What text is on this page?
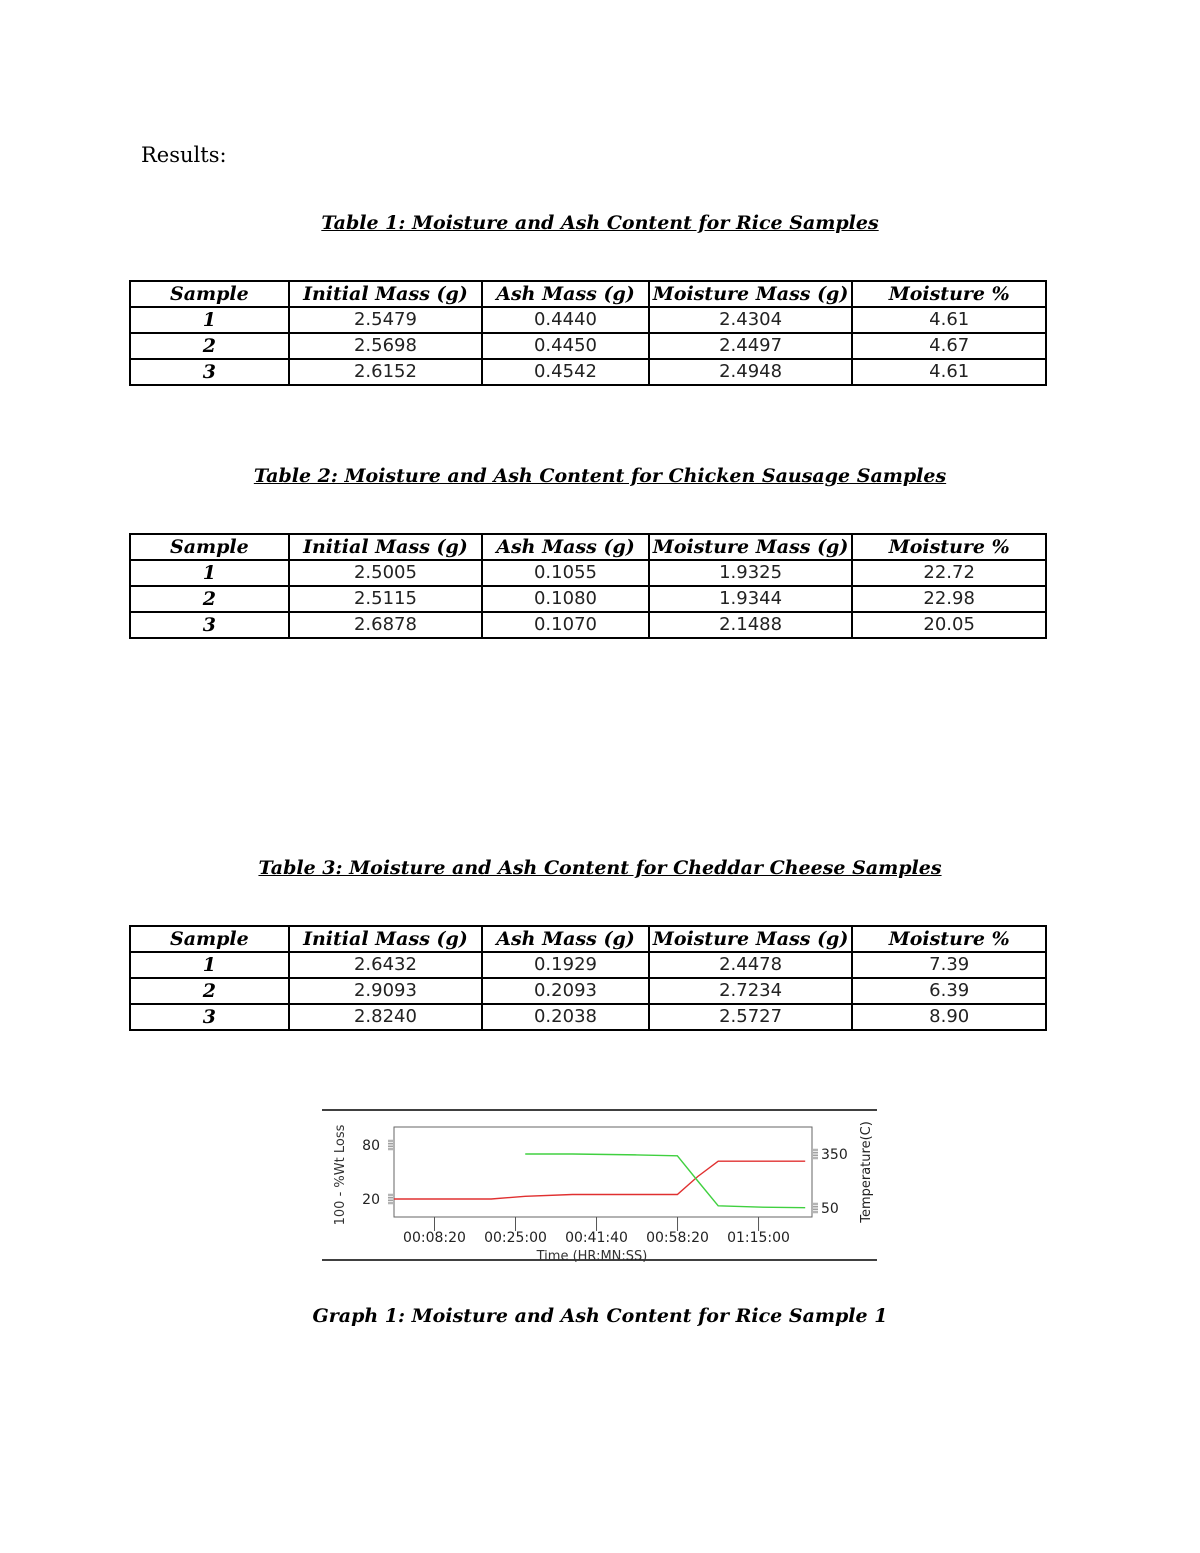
Results:
Table 1: Moisture and Ash Content for Rice Samples
Sample	Initial Mass (g)	Ash Mass (g)	Moisture Mass (g)	Moisture %
1	2.5479	0.4440	2.4304	4.61
2	2.5698	0.4450	2.4497	4.67
3	2.6152	0.4542	2.4948	4.61
Table 2: Moisture and Ash Content for Chicken Sausage Samples
Sample	Initial Mass (g)	Ash Mass (g)	Moisture Mass (g)	Moisture %
1	2.5005	0.1055	1.9325	22.72
2	2.5115	0.1080	1.9344	22.98
3	2.6878	0.1070	2.1488	20.05
Table 3: Moisture and Ash Content for Cheddar Cheese Samples
Sample	Initial Mass (g)	Ash Mass (g)	Moisture Mass (g)	Moisture %
1	2.6432	0.1929	2.4478	7.39
2	2.9093	0.2093	2.7234	6.39
3	2.8240	0.2038	2.5727	8.90
00:08:20 00:25:00 00:41:40 00:58:20 01:15:00
20
80
50
350
100 - %Wt Loss	Temperature(C)
Time (HR:MN:SS)
Graph 1: Moisture and Ash Content for Rice Sample 1
